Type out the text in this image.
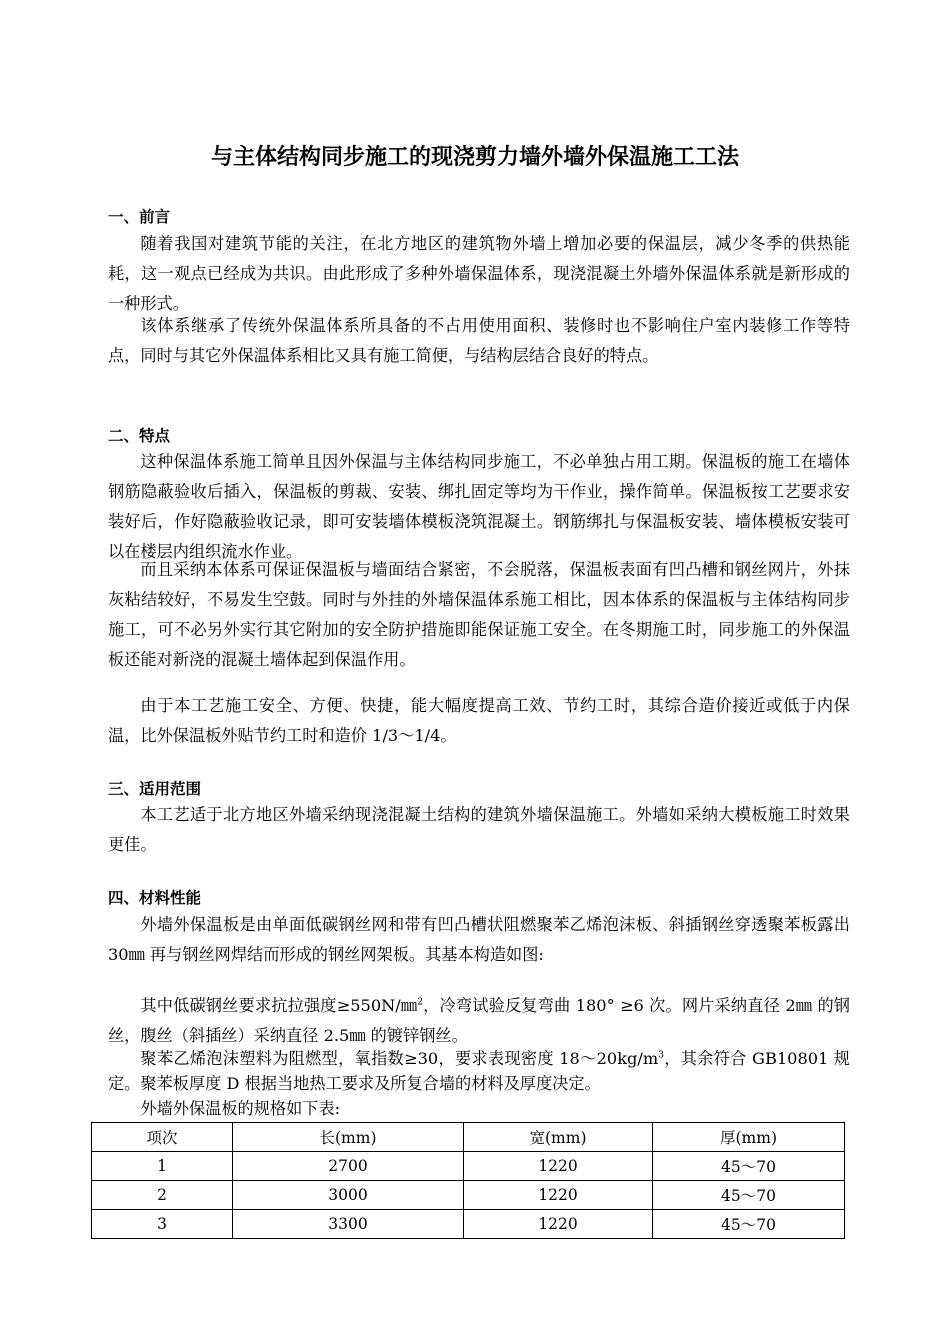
与主体结构同步施工的现浇剪力墙外墙外保温施工工法
一、前言

随着我国对建筑节能的关注，在北方地区的建筑物外墙上增加必要的保温层，减少冬季的供热能耗，这一观点已经成为共识。由此形成了多种外墙保温体系，现浇混凝土外墙外保温体系就是新形成的一种形式。

该体系继承了传统外保温体系所具备的不占用使用面积、装修时也不影响住户室内装修工作等特点，同时与其它外保温体系相比又具有施工简便，与结构层结合良好的特点。

二、特点

这种保温体系施工简单且因外保温与主体结构同步施工，不必单独占用工期。保温板的施工在墙体钢筋隐蔽验收后插入，保温板的剪裁、安装、绑扎固定等均为干作业，操作简单。保温板按工艺要求安装好后，作好隐蔽验收记录，即可安装墙体模板浇筑混凝土。钢筋绑扎与保温板安装、墙体模板安装可以在楼层内组织流水作业。

而且采纳本体系可保证保温板与墙面结合紧密，不会脱落，保温板表面有凹凸槽和钢丝网片，外抹灰粘结较好，不易发生空鼓。同时与外挂的外墙保温体系施工相比，因本体系的保温板与主体结构同步施工，可不必另外实行其它附加的安全防护措施即能保证施工安全。在冬期施工时，同步施工的外保温板还能对新浇的混凝土墙体起到保温作用。

由于本工艺施工安全、方便、快捷，能大幅度提高工效、节约工时，其综合造价接近或低于内保温，比外保温板外贴节约工时和造价 1/3～1/4。

三、适用范围

本工艺适于北方地区外墙采纳现浇混凝土结构的建筑外墙保温施工。外墙如采纳大模板施工时效果更佳。

四、材料性能

外墙外保温板是由单面低碳钢丝网和带有凹凸槽状阻燃聚苯乙烯泡沫板、斜插钢丝穿透聚苯板露出 30㎜ 再与钢丝网焊结而形成的钢丝网架板。其基本构造如图:

其中低碳钢丝要求抗拉强度≥550N/㎜$^2$，冷弯试验反复弯曲 180° ≥6 次。网片采纳直径 2㎜ 的钢丝，腹丝（斜插丝）采纳直径 2.5㎜ 的镀锌钢丝。

聚苯乙烯泡沫塑料为阻燃型，氧指数≥30，要求表现密度 $18\sim 20kg/m^3$，其余符合 GB10801 规定。聚苯板厚度 D 根据当地热工要求及所复合墙的材料及厚度决定。

外墙外保温板的规格如下表:

项次	长(mm)	宽(mm)	厚(mm)
1	2700	1220	45～70
2	3000	1220	45～70
3	3300	1220	45～70
